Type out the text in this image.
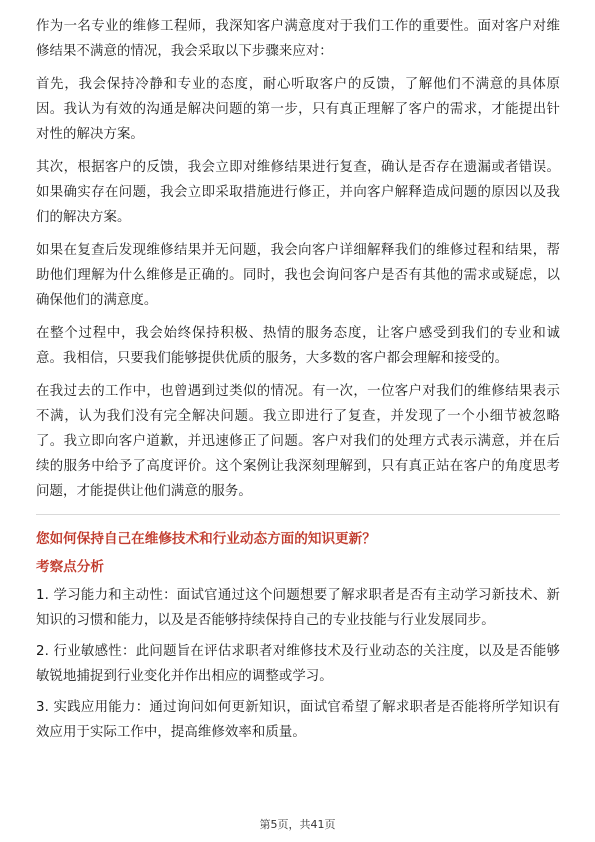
作为一名专业的维修工程师，我深知客户满意度对于我们工作的重要性。面对客户对维修结果不满意的情况，我会采取以下步骤来应对：

首先，我会保持冷静和专业的态度，耐心听取客户的反馈，了解他们不满意的具体原因。我认为有效的沟通是解决问题的第一步，只有真正理解了客户的需求，才能提出针对性的解决方案。

其次，根据客户的反馈，我会立即对维修结果进行复查，确认是否存在遗漏或者错误。如果确实存在问题，我会立即采取措施进行修正，并向客户解释造成问题的原因以及我们的解决方案。

如果在复查后发现维修结果并无问题，我会向客户详细解释我们的维修过程和结果，帮助他们理解为什么维修是正确的。同时，我也会询问客户是否有其他的需求或疑虑，以确保他们的满意度。

在整个过程中，我会始终保持积极、热情的服务态度，让客户感受到我们的专业和诚意。我相信，只要我们能够提供优质的服务，大多数的客户都会理解和接受的。

在我过去的工作中，也曾遇到过类似的情况。有一次，一位客户对我们的维修结果表示不满，认为我们没有完全解决问题。我立即进行了复查，并发现了一个小细节被忽略了。我立即向客户道歉，并迅速修正了问题。客户对我们的处理方式表示满意，并在后续的服务中给予了高度评价。这个案例让我深刻理解到，只有真正站在客户的角度思考问题，才能提供让他们满意的服务。

您如何保持自己在维修技术和行业动态方面的知识更新？
考察点分析

1. 学习能力和主动性：面试官通过这个问题想要了解求职者是否有主动学习新技术、新知识的习惯和能力，以及是否能够持续保持自己的专业技能与行业发展同步。

2. 行业敏感性：此问题旨在评估求职者对维修技术及行业动态的关注度，以及是否能够敏锐地捕捉到行业变化并作出相应的调整或学习。

3. 实践应用能力：通过询问如何更新知识，面试官希望了解求职者是否能将所学知识有效应用于实际工作中，提高维修效率和质量。

第5页，共41页
